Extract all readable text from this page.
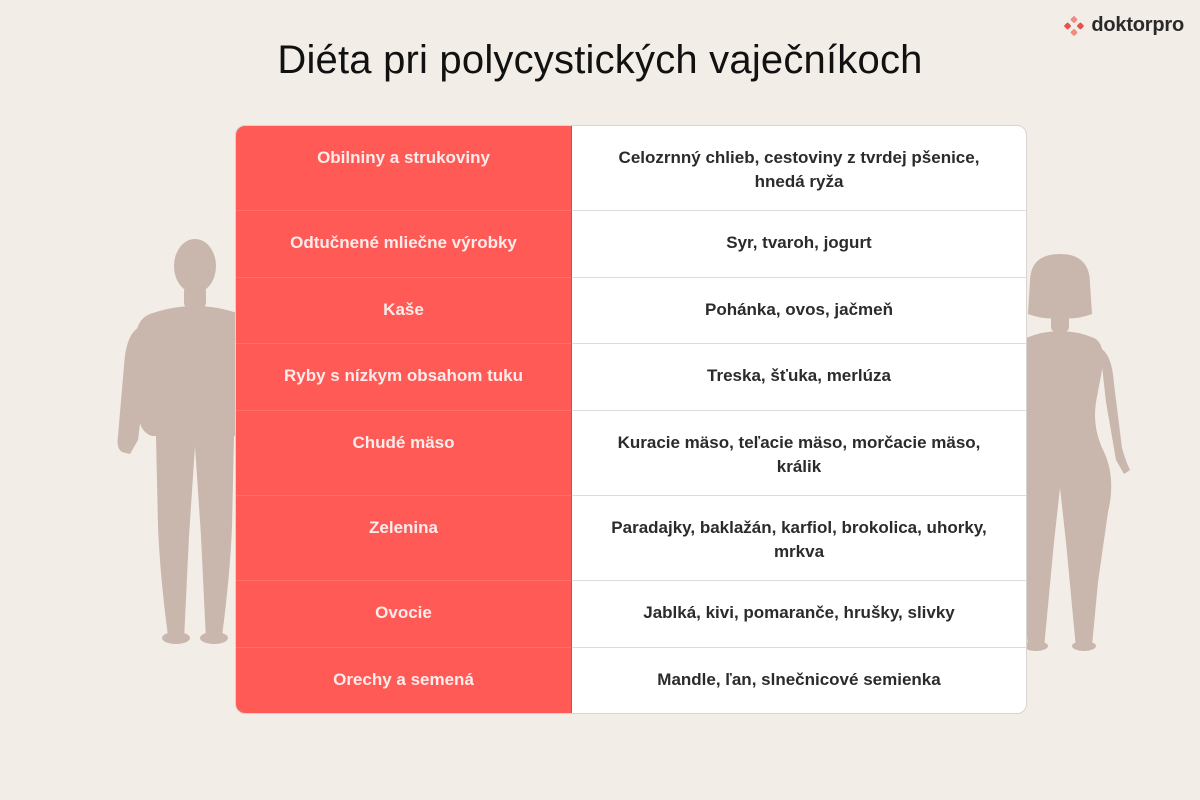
doktorpro
Diéta pri polycystických vaječníkoch
Obilniny a strukoviny	Celozrnný chlieb, cestoviny z tvrdej pšenice, hnedá ryža
Odtučnené mliečne výrobky	Syr, tvaroh, jogurt
Kaše	Pohánka, ovos, jačmeň
Ryby s nízkym obsahom tuku	Treska, šťuka, merlúza
Chudé mäso	Kuracie mäso, teľacie mäso, morčacie mäso, králik
Zelenina	Paradajky, baklažán, karfiol, brokolica, uhorky, mrkva
Ovocie	Jablká, kivi, pomaranče, hrušky, slivky
Orechy a semená	Mandle, ľan, slnečnicové semienka
